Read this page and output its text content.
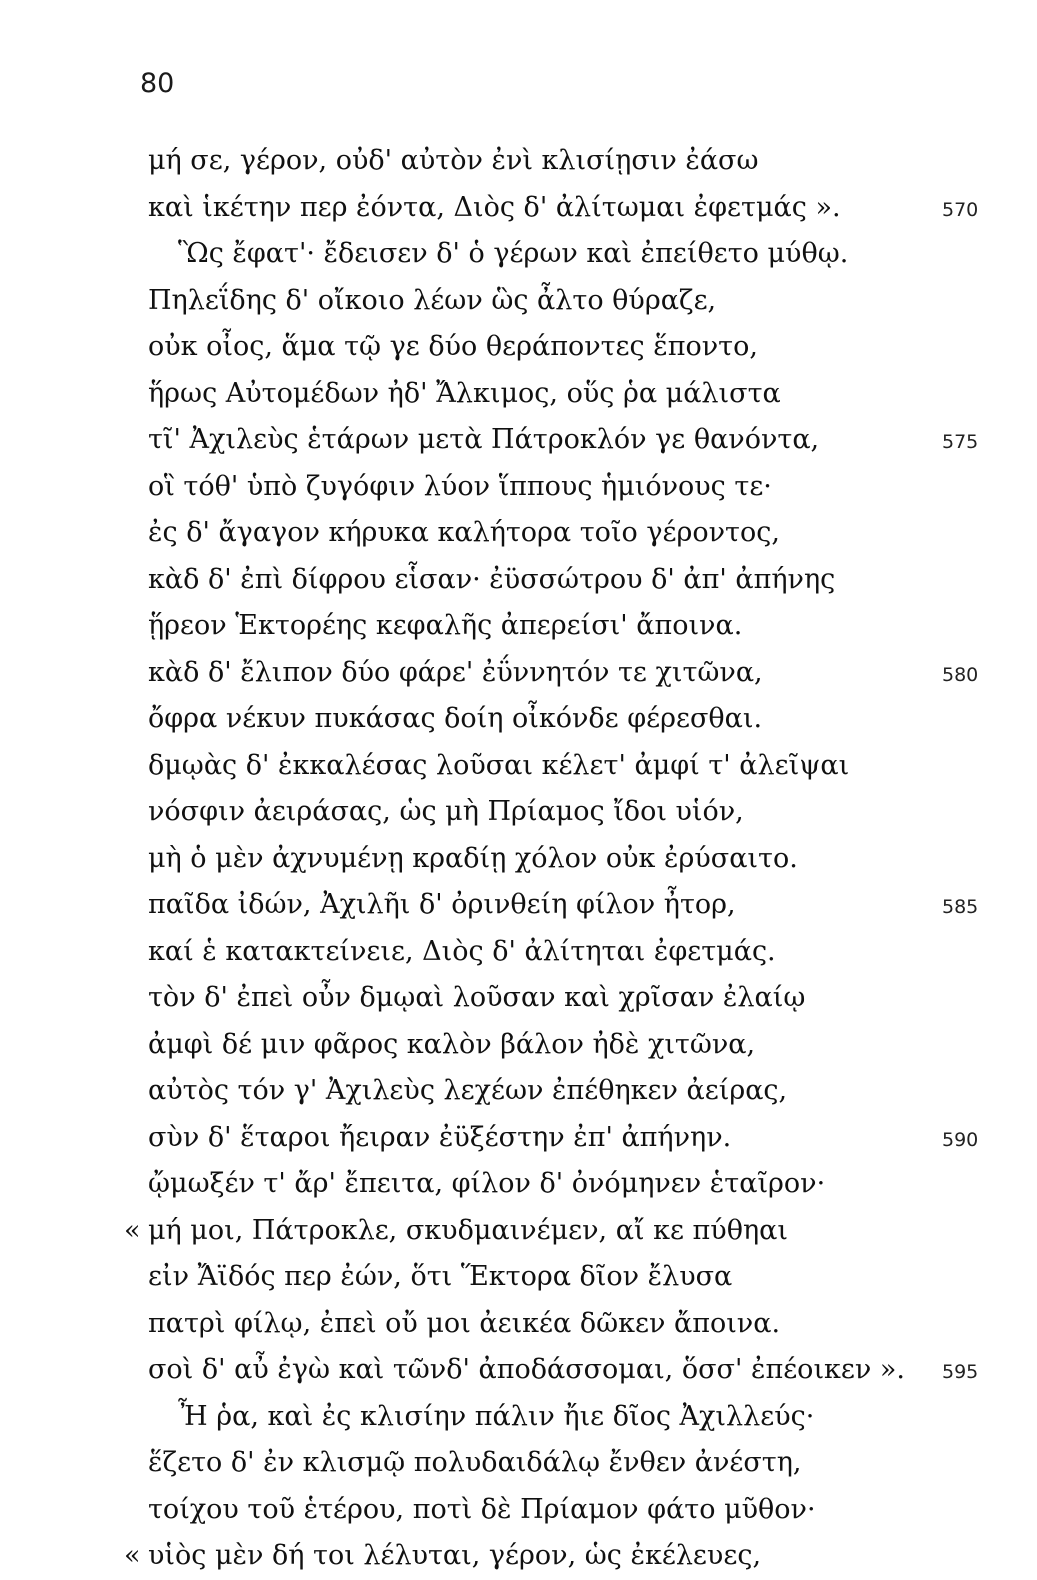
80
μή σε, γέρον, οὐδ' αὐτὸν ἐνὶ κλισίῃσιν ἐάσω
καὶ ἱκέτην περ ἐόντα, Διὸς δ' ἀλίτωμαι ἐφετμάς ».	570
Ὣς ἔφατ'· ἔδεισεν δ' ὁ γέρων καὶ ἐπείθετο μύθῳ.
Πηλεΐδης δ' οἴκοιο λέων ὣς ἆλτο θύραζε,
οὐκ οἶος, ἅμα τῷ γε δύο θεράποντες ἕποντο,
ἥρως Αὐτομέδων ἠδ' Ἄλκιμος, οὕς ῥα μάλιστα
τῖ' Ἀχιλεὺς ἑτάρων μετὰ Πάτροκλόν γε θανόντα,	575
οἳ τόθ' ὑπὸ ζυγόφιν λύον ἵππους ἡμιόνους τε·
ἐς δ' ἄγαγον κήρυκα καλήτορα τοῖο γέροντος,
κὰδ δ' ἐπὶ δίφρου εἷσαν· ἐϋσσώτρου δ' ἀπ' ἀπήνης
ᾕρεον Ἑκτορέης κεφαλῆς ἀπερείσι' ἄποινα.
κὰδ δ' ἔλιπον δύο φάρε' ἐΰννητόν τε χιτῶνα,	580
ὄφρα νέκυν πυκάσας δοίη οἶκόνδε φέρεσθαι.
δμῳὰς δ' ἐκκαλέσας λοῦσαι κέλετ' ἀμφί τ' ἀλεῖψαι
νόσφιν ἀειράσας, ὡς μὴ Πρίαμος ἴδοι υἱόν,
μὴ ὁ μὲν ἀχνυμένῃ κραδίῃ χόλον οὐκ ἐρύσαιτο.
παῖδα ἰδών, Ἀχιλῆι δ' ὀρινθείη φίλον ἦτορ,	585
καί ἑ κατακτείνειε, Διὸς δ' ἀλίτηται ἐφετμάς.
τὸν δ' ἐπεὶ οὖν δμῳαὶ λοῦσαν καὶ χρῖσαν ἐλαίῳ
ἀμφὶ δέ μιν φᾶρος καλὸν βάλον ἠδὲ χιτῶνα,
αὐτὸς τόν γ' Ἀχιλεὺς λεχέων ἐπέθηκεν ἀείρας,
σὺν δ' ἕταροι ἤειραν ἐϋξέστην ἐπ' ἀπήνην.	590
ᾤμωξέν τ' ἄρ' ἔπειτα, φίλον δ' ὀνόμηνεν ἑταῖρον·
« μή μοι, Πάτροκλε, σκυδμαινέμεν, αἴ κε πύθηαι
εἰν Ἄϊδός περ ἐών, ὅτι Ἕκτορα δῖον ἔλυσα
πατρὶ φίλῳ, ἐπεὶ οὔ μοι ἀεικέα δῶκεν ἄποινα.
σοὶ δ' αὖ ἐγὼ καὶ τῶνδ' ἀποδάσσομαι, ὅσσ' ἐπέοικεν ». 595
Ἦ ῥα, καὶ ἐς κλισίην πάλιν ἤιε δῖος Ἀχιλλεύς·
ἕζετο δ' ἐν κλισμῷ πολυδαιδάλῳ ἔνθεν ἀνέστη,
τοίχου τοῦ ἑτέρου, ποτὶ δὲ Πρίαμον φάτο μῦθον·
« υἱὸς μὲν δή τοι λέλυται, γέρον, ὡς ἐκέλευες,
